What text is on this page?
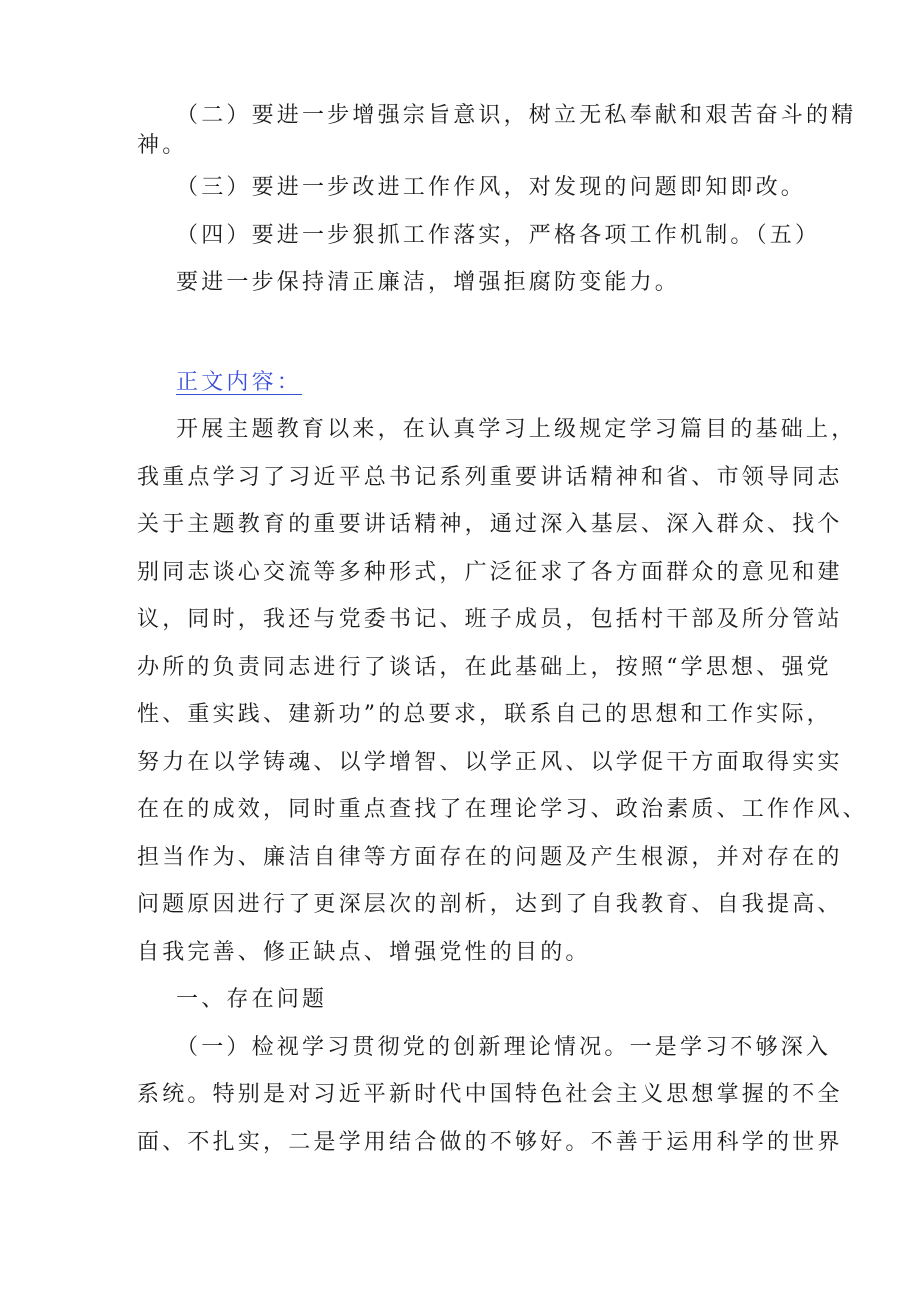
（二）要进一步增强宗旨意识，树立无私奉献和艰苦奋斗的精
神。
（三）要进一步改进工作作风，对发现的问题即知即改。
（四）要进一步狠抓工作落实，严格各项工作机制。（五）
要进一步保持清正廉洁，增强拒腐防变能力。
正文内容：
开展主题教育以来，在认真学习上级规定学习篇目的基础上，
我重点学习了习近平总书记系列重要讲话精神和省、市领导同志
关于主题教育的重要讲话精神，通过深入基层、深入群众、找个
别同志谈心交流等多种形式，广泛征求了各方面群众的意见和建
议，同时，我还与党委书记、班子成员，包括村干部及所分管站
办所的负责同志进行了谈话，在此基础上，按照“学思想、强党
性、重实践、建新功”的总要求，联系自己的思想和工作实际，
努力在以学铸魂、以学增智、以学正风、以学促干方面取得实实
在在的成效，同时重点查找了在理论学习、政治素质、工作作风、
担当作为、廉洁自律等方面存在的问题及产生根源，并对存在的
问题原因进行了更深层次的剖析，达到了自我教育、自我提高、
自我完善、修正缺点、增强党性的目的。
一、存在问题
（一）检视学习贯彻党的创新理论情况。一是学习不够深入
系统。特别是对习近平新时代中国特色社会主义思想掌握的不全
面、不扎实，二是学用结合做的不够好。不善于运用科学的世界
